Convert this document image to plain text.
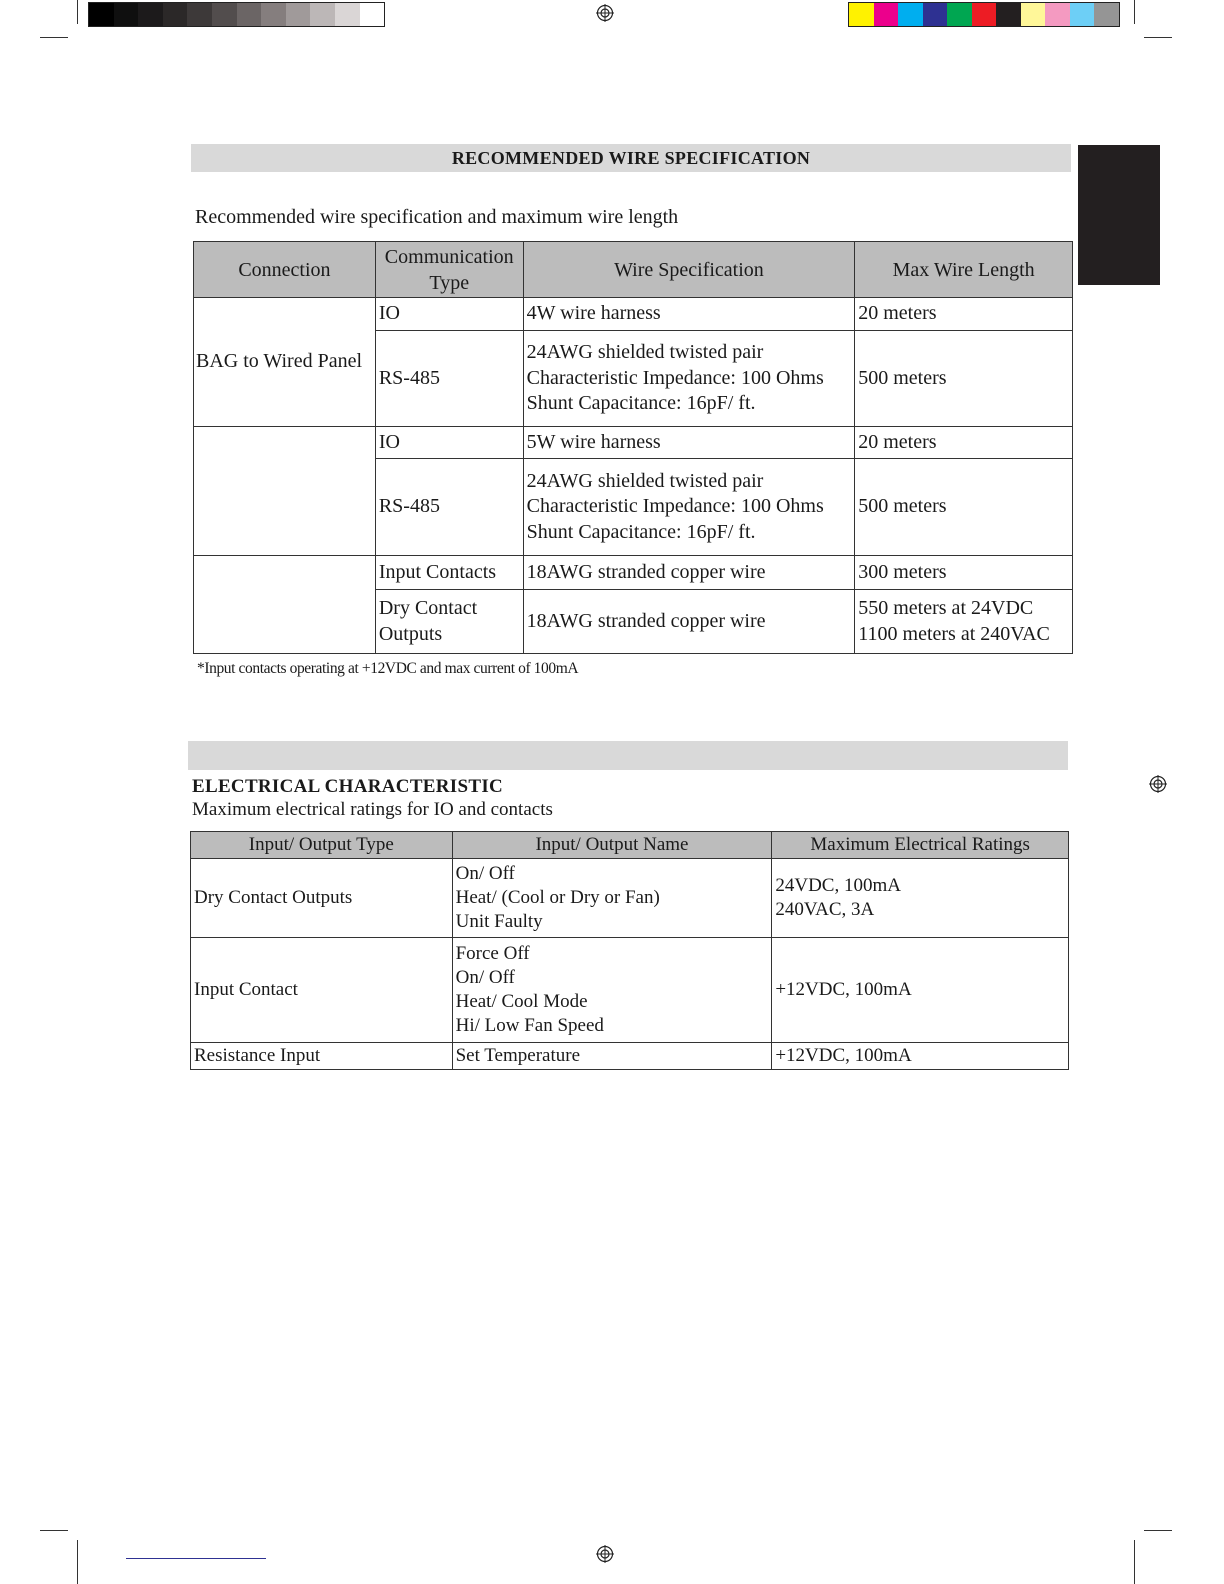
RECOMMENDED WIRE SPECIFICATION
Recommended wire specification and maximum wire length
Connection	Communication Type	Wire Specification	Max Wire Length
BAG to Wired Panel	IO	4W wire harness	20 meters

	RS-485	24AWG shielded twisted pair
Characteristic Impedance: 100 Ohms
Shunt Capacitance: 16pF/ ft.	500 meters

	IO	5W wire harness	20 meters

	RS-485	24AWG shielded twisted pair
Characteristic Impedance: 100 Ohms
Shunt Capacitance: 16pF/ ft.	500 meters

	Input Contacts	18AWG stranded copper wire	300 meters

	Dry Contact Outputs	18AWG stranded copper wire	550 meters at 24VDC
1100 meters at 240VAC
*Input contacts operating at +12VDC and max current of 100mA
ELECTRICAL CHARACTERISTIC
Maximum electrical ratings for IO and contacts
Input/ Output Type	Input/ Output Name	Maximum Electrical Ratings
Dry Contact Outputs	On/ Off
Heat/ (Cool or Dry or Fan)
Unit Faulty	24VDC, 100mA
240VAC, 3A

Input Contact	Force Off
On/ Off
Heat/ Cool Mode
Hi/ Low Fan Speed	+12VDC, 100mA

Resistance Input	Set Temperature	+12VDC, 100mA
